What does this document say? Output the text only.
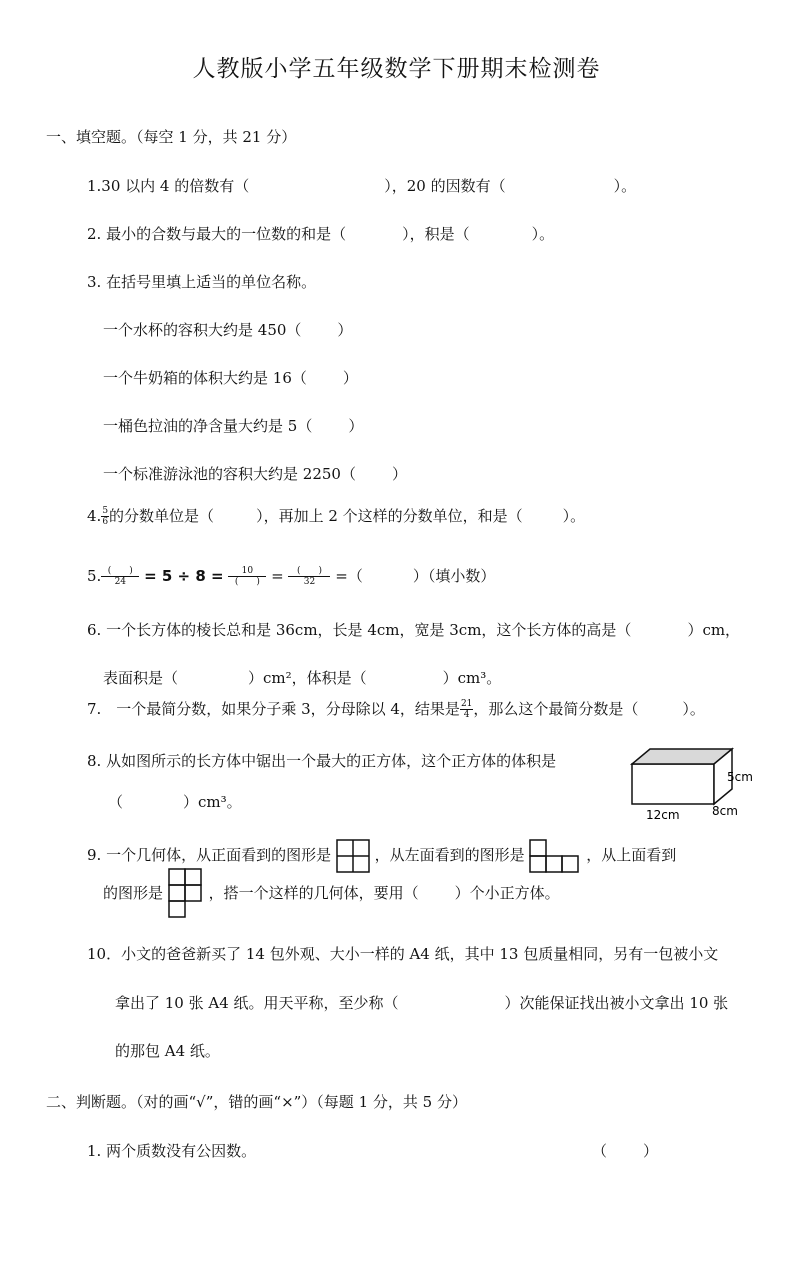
人教版小学五年级数学下册期末检测卷
一、填空题。（每空 1 分，共 21 分）
1.30 以内 4 的倍数有（	），20 的因数有（	）。
2. 最小的合数与最大的一位数的和是（	），积是（	）。
3. 在括号里填上适当的单位名称。
一个水杯的容积大约是 450（ ）
一个牛奶箱的体积大约是 16（ ）
一桶色拉油的净含量大约是 5（ ）
一个标准游泳池的容积大约是 2250（ ）
4. $\frac{5}{6}$ 的分数单位是（	），再加上 2 个这样的分数单位，和是（	）。
5. $\frac{( )}{24} = 5 \div 8 = \frac{10}{( )} = \frac{( )}{32}$ =（	）（填小数）
6. 一个长方体的棱长总和是 36cm，长是 4cm，宽是 3cm，这个长方体的高是（	）cm，
表面积是（	）cm²，体积是（	）cm³。
7.　一个最简分数，如果分子乘 3，分母除以 4，结果是 $\frac{21}{4}$ ，那么这个最简分数是（	）。
8. 从如图所示的长方体中锯出一个最大的正方体，这个正方体的体积是
（	）cm³。
5cm
12cm	8cm
9. 一个几何体，从正面看到的图形是	，从左面看到的图形是	，从上面看到
的图形是	，搭一个这样的几何体，要用（ ）个小正方体。
10．小文的爸爸新买了 14 包外观、大小一样的 A4 纸，其中 13 包质量相同，另有一包被小文
拿出了 10 张 A4 纸。用天平称，至少称（	）次能保证找出被小文拿出 10 张
的那包 A4 纸。
二、判断题。（对的画“√”，错的画“×”）（每题 1 分，共 5 分）
1. 两个质数没有公因数。	（ ）
